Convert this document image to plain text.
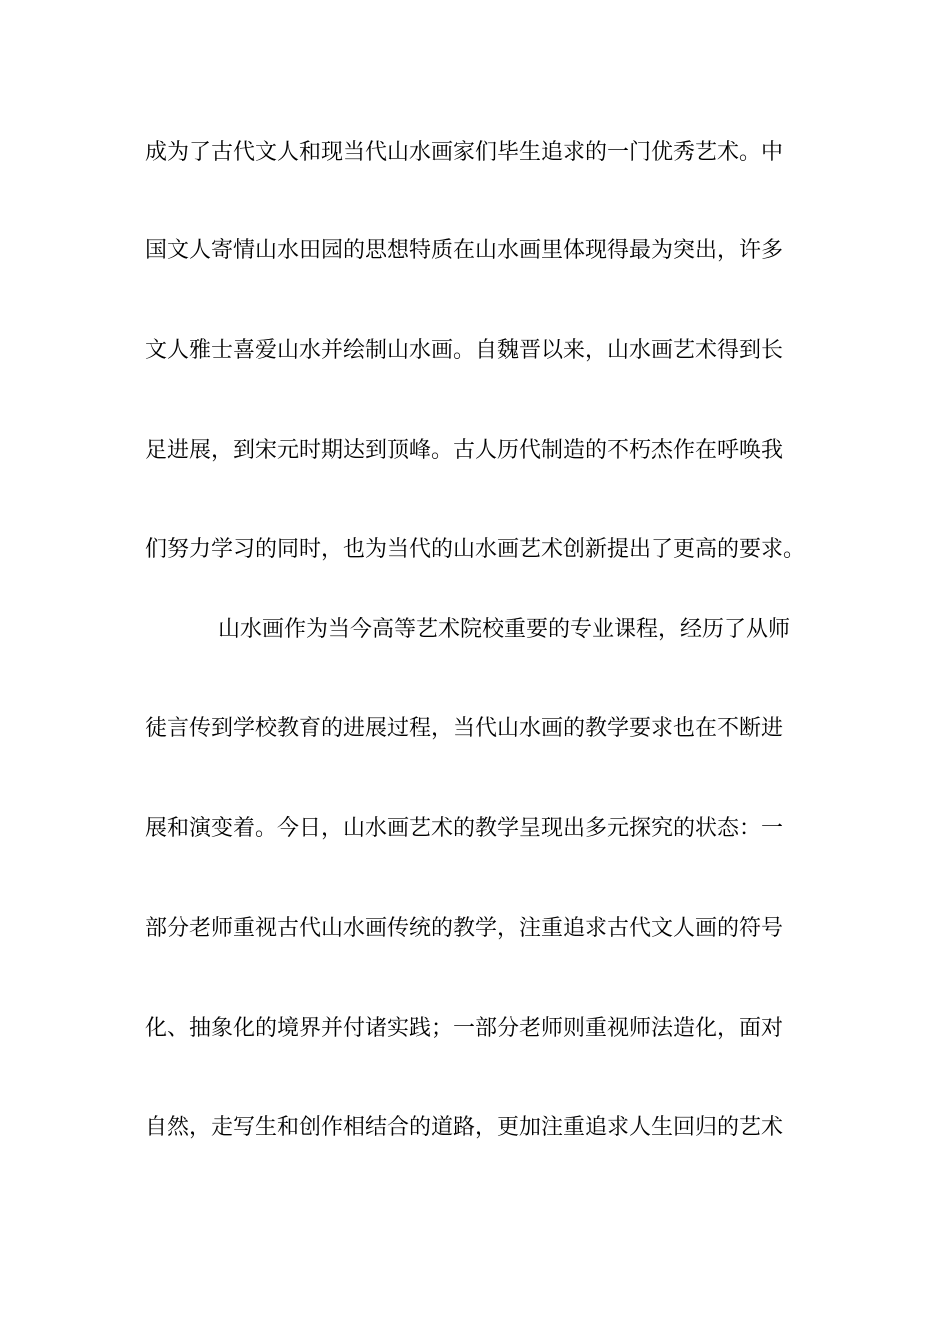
成为了古代文人和现当代山水画家们毕生追求的一门优秀艺术。中

国文人寄情山水田园的思想特质在山水画里体现得最为突出，许多

文人雅士喜爱山水并绘制山水画。自魏晋以来，山水画艺术得到长

足进展，到宋元时期达到顶峰。古人历代制造的不朽杰作在呼唤我

们努力学习的同时，也为当代的山水画艺术创新提出了更高的要求。

山水画作为当今高等艺术院校重要的专业课程，经历了从师

徒言传到学校教育的进展过程，当代山水画的教学要求也在不断进

展和演变着。今日，山水画艺术的教学呈现出多元探究的状态：一

部分老师重视古代山水画传统的教学，注重追求古代文人画的符号

化、抽象化的境界并付诸实践；一部分老师则重视师法造化，面对

自然，走写生和创作相结合的道路，更加注重追求人生回归的艺术
